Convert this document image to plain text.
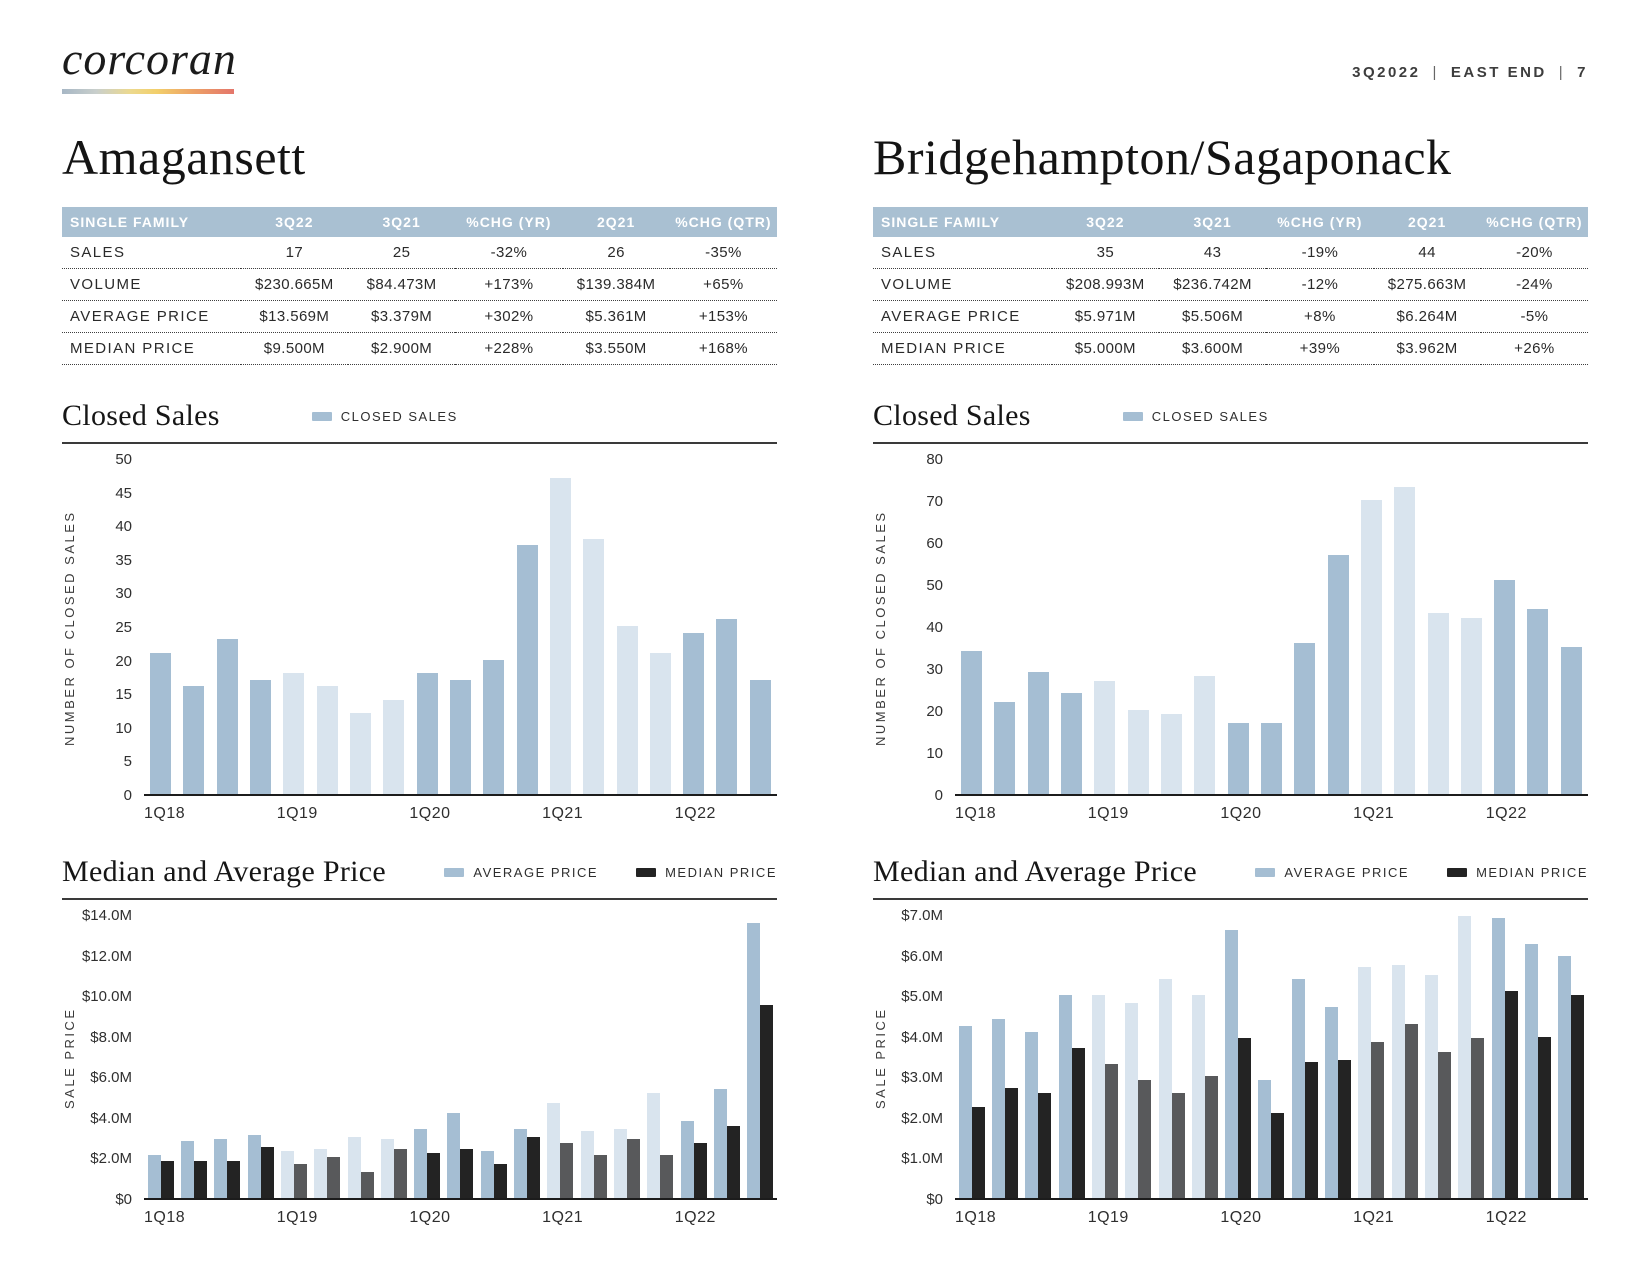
corcoran	3Q2022 | EAST END | 7
Amagansett
SINGLE FAMILY	3Q22	3Q21	%CHG (YR)	2Q21	%CHG (QTR)
SALES	17	25	-32%	26	-35%
VOLUME	$230.665M	$84.473M	+173%	$139.384M	+65%
AVERAGE PRICE	$13.569M	$3.379M	+302%	$5.361M	+153%
MEDIAN PRICE	$9.500M	$2.900M	+228%	$3.550M	+168%
Closed Sales	CLOSED SALES
NUMBER OF CLOSED SALES
50
45
40
35
30
25
20
15
10
5
0
1Q18	1Q19	1Q20	1Q21	1Q22
Median and Average Price	AVERAGE PRICE	MEDIAN PRICE
SALE PRICE
$14.0M
$12.0M
$10.0M
$8.0M
$6.0M
$4.0M
$2.0M
$0
1Q18	1Q19	1Q20	1Q21	1Q22
Bridgehampton/Sagaponack
SINGLE FAMILY	3Q22	3Q21	%CHG (YR)	2Q21	%CHG (QTR)
SALES	35	43	-19%	44	-20%
VOLUME	$208.993M	$236.742M	-12%	$275.663M	-24%
AVERAGE PRICE	$5.971M	$5.506M	+8%	$6.264M	-5%
MEDIAN PRICE	$5.000M	$3.600M	+39%	$3.962M	+26%
Closed Sales	CLOSED SALES
NUMBER OF CLOSED SALES
80
70
60
50
40
30
20
10
0
1Q18	1Q19	1Q20	1Q21	1Q22
Median and Average Price	AVERAGE PRICE	MEDIAN PRICE
SALE PRICE
$7.0M
$6.0M
$5.0M
$4.0M
$3.0M
$2.0M
$1.0M
$0
1Q18	1Q19	1Q20	1Q21	1Q22
